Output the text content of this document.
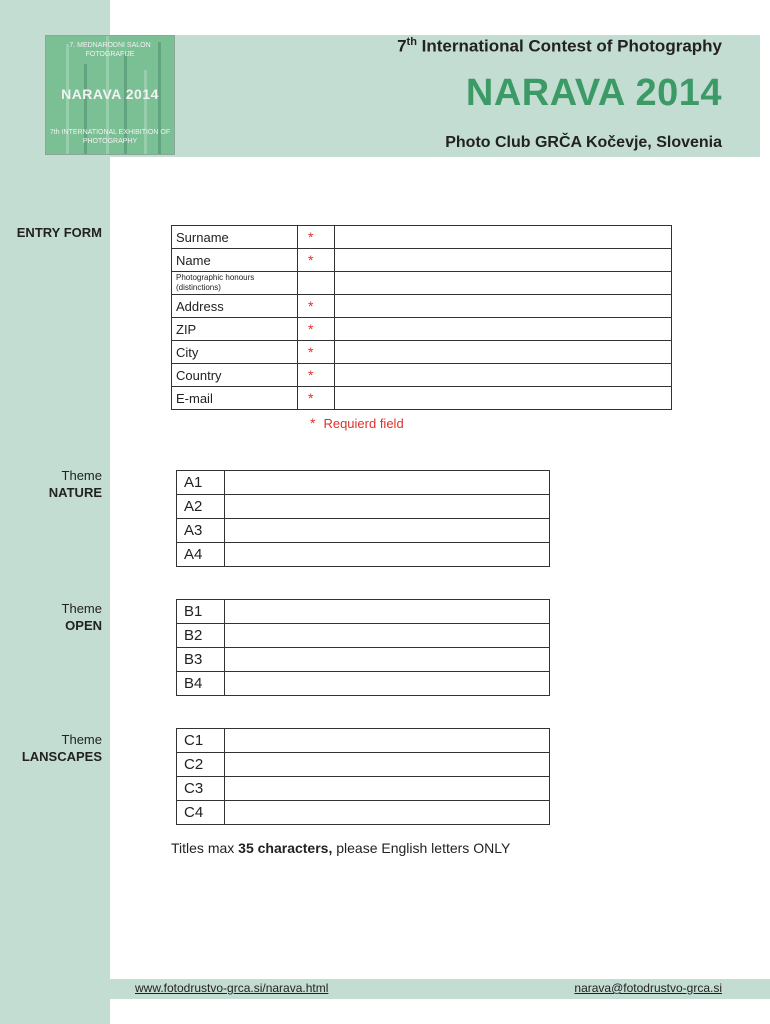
7. MEDNARODNI SALON FOTOGRAFIJE
NARAVA 2014
7th INTERNATIONAL EXHIBITION OF PHOTOGRAPHY
7th International Contest of Photography
NARAVA 2014
Photo Club GRČA Kočevje, Slovenia
ENTRY FORM	Surname	*	
Name	*	
Photographic honours (distinctions)		
Address	*	
ZIP	*	
City	*	
Country	*	
E-mail	*	
* Requierd field
Theme
NATURE
A1	
A2	
A3	
A4	
Theme
OPEN
B1	
B2	
B3	
B4	
Theme
LANSCAPES
C1	
C2	
C3	
C4	
Titles max 35 characters, please English letters ONLY
www.fotodrustvo-grca.si/narava.html	narava@fotodrustvo-grca.si
